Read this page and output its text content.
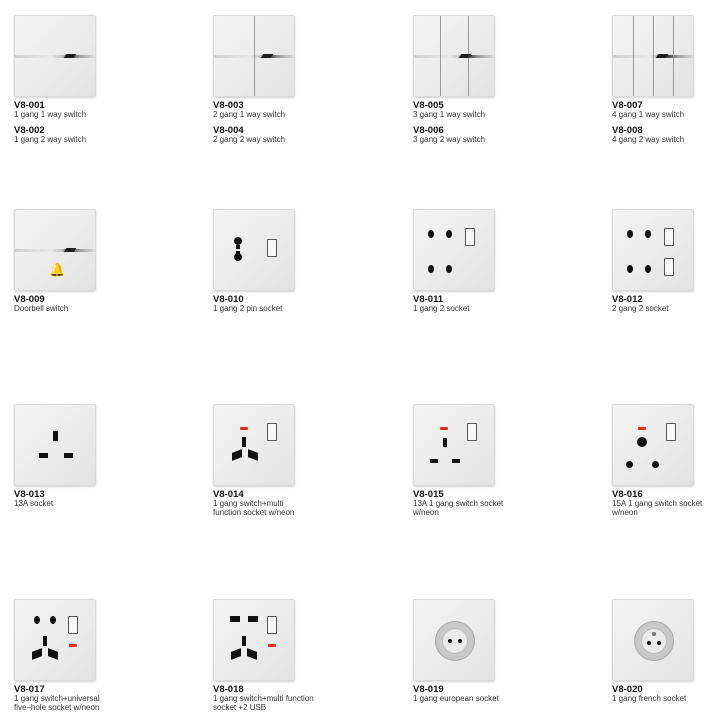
V8-001
1 gang 1 way switch
V8-002
1 gang 2 way switch
V8-003
2 gang 1 way switch
V8-004
2 gang 2 way switch
V8-005
3 gang 1 way switch
V8-006
3 gang 2 way switch
V8-007
4 gang 1 way switch
V8-008
4 gang 2 way switch
🔔
V8-009
Doorbell switch
V8-010
1 gang 2 pin socket
V8-011
1 gang 2 socket
V8-012
2 gang 2 socket
V8-013
13A socket
V8-014
1 gang switch+multi
function socket w/neon
V8-015
13A 1 gang switch socket
w/neon
V8-016
15A 1 gang switch socket
w/neon
V8-017
1 gang switch+universal
five–hole socket w/neon
V8-018
1 gang switch+multi function
socket +2 USB
V8-019
1 gang european socket
V8-020
1 gang french socket
